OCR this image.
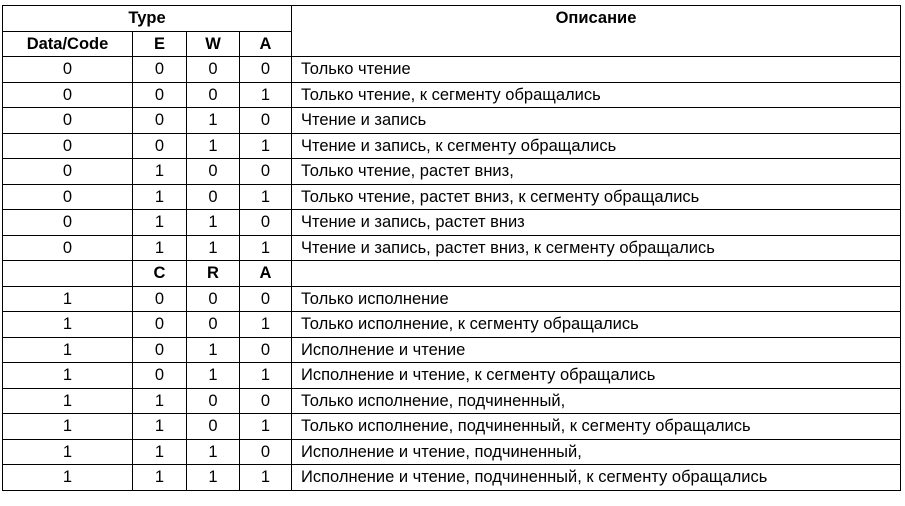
Type				Описание
Data/Code	E	W	A	
0	0	0	0	Только чтение
0	0	0	1	Только чтение, к сегменту обращались
0	0	1	0	Чтение и запись
0	0	1	1	Чтение и запись, к сегменту обращались
0	1	0	0	Только чтение, растет вниз,
0	1	0	1	Только чтение, растет вниз, к сегменту обращались
0	1	1	0	Чтение и запись, растет вниз
0	1	1	1	Чтение и запись, растет вниз, к сегменту обращались
	C	R	A	
1	0	0	0	Только исполнение
1	0	0	1	Только исполнение, к сегменту обращались
1	0	1	0	Исполнение и чтение
1	0	1	1	Исполнение и чтение, к сегменту обращались
1	1	0	0	Только исполнение, подчиненный,
1	1	0	1	Только исполнение, подчиненный, к сегменту обращались
1	1	1	0	Исполнение и чтение, подчиненный,
1	1	1	1	Исполнение и чтение, подчиненный, к сегменту обращались
